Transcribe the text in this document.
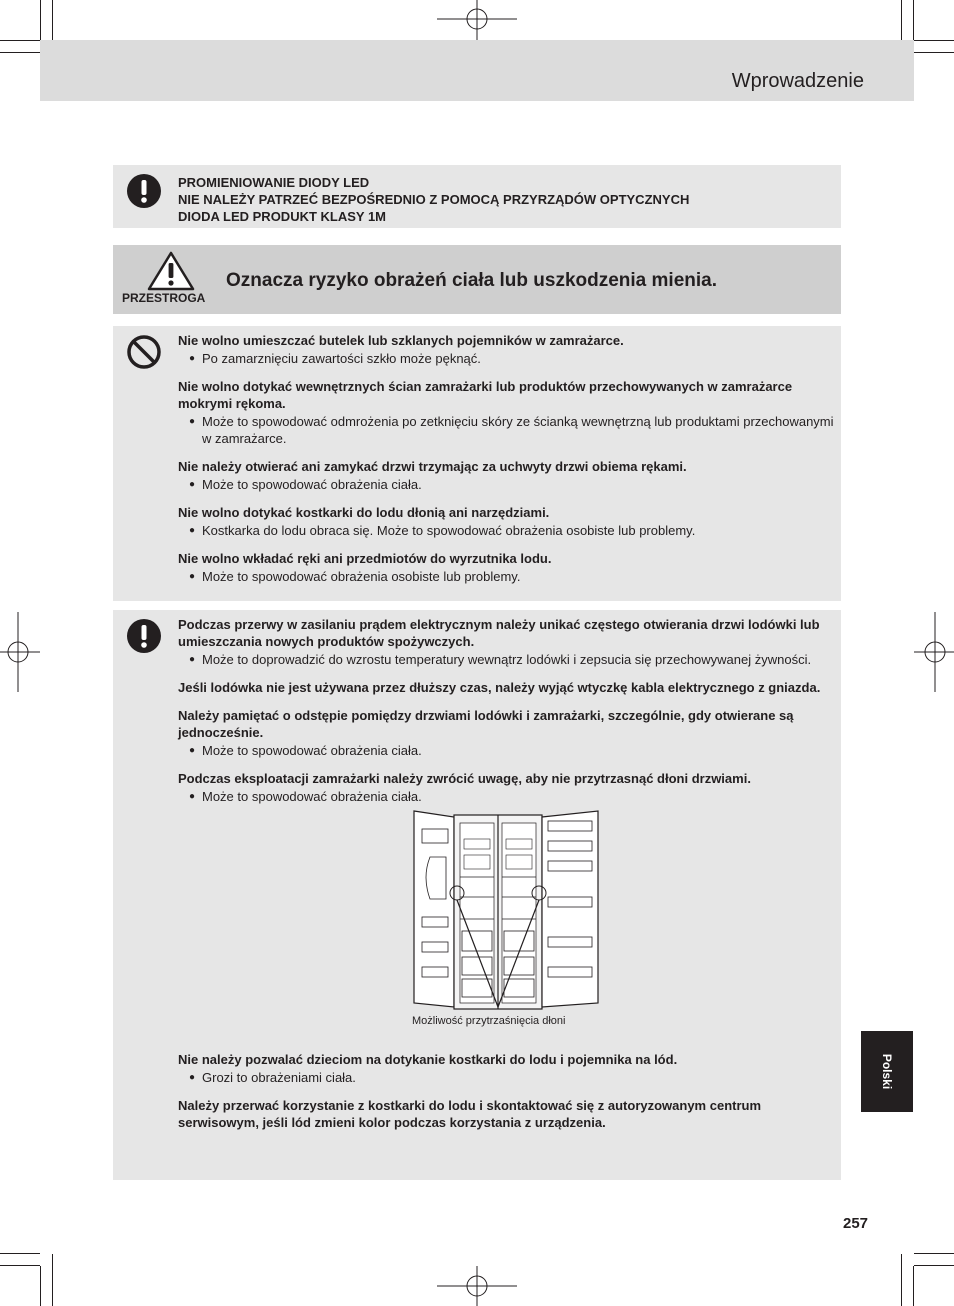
Wprowadzenie
PROMIENIOWANIE DIODY LED
NIE NALEŻY PATRZEĆ BEZPOŚREDNIO Z POMOCĄ PRZYRZĄDÓW OPTYCZNYCH
DIODA LED PRODUKT KLASY 1M
PRZESTROGA
Oznacza ryzyko obrażeń ciała lub uszkodzenia mienia.
Nie wolno umieszczać butelek lub szklanych pojemników w zamrażarce.
● Po zamarznięciu zawartości szkło może pęknąć.
Nie wolno dotykać wewnętrznych ścian zamrażarki lub produktów przechowywanych w zamrażarce mokrymi rękoma.
● Może to spowodować odmrożenia po zetknięciu skóry ze ścianką wewnętrzną lub produktami przechowanymi w zamrażarce.
Nie należy otwierać ani zamykać drzwi trzymając za uchwyty drzwi obiema rękami.
● Może to spowodować obrażenia ciała.
Nie wolno dotykać kostkarki do lodu dłonią ani narzędziami.
● Kostkarka do lodu obraca się. Może to spowodować obrażenia osobiste lub problemy.
Nie wolno wkładać ręki ani przedmiotów do wyrzutnika lodu.
● Może to spowodować obrażenia osobiste lub problemy.
Podczas przerwy w zasilaniu prądem elektrycznym należy unikać częstego otwierania drzwi lodówki lub umieszczania nowych produktów spożywczych.
● Może to doprowadzić do wzrostu temperatury wewnątrz lodówki i zepsucia się przechowywanej żywności.
Jeśli lodówka nie jest używana przez dłuższy czas, należy wyjąć wtyczkę kabla elektrycznego z gniazda.
Należy pamiętać o odstępie pomiędzy drzwiami lodówki i zamrażarki, szczególnie, gdy otwierane są jednocześnie.
● Może to spowodować obrażenia ciała.
Podczas eksploatacji zamrażarki należy zwrócić uwagę, aby nie przytrzasnąć dłoni drzwiami.
● Może to spowodować obrażenia ciała.
Możliwość przytrzaśnięcia dłoni
Nie należy pozwalać dzieciom na dotykanie kostkarki do lodu i pojemnika na lód.
● Grozi to obrażeniami ciała.
Należy przerwać korzystanie z kostkarki do lodu i skontaktować się z autoryzowanym centrum serwisowym, jeśli lód zmieni kolor podczas korzystania z urządzenia.
Polski
257
